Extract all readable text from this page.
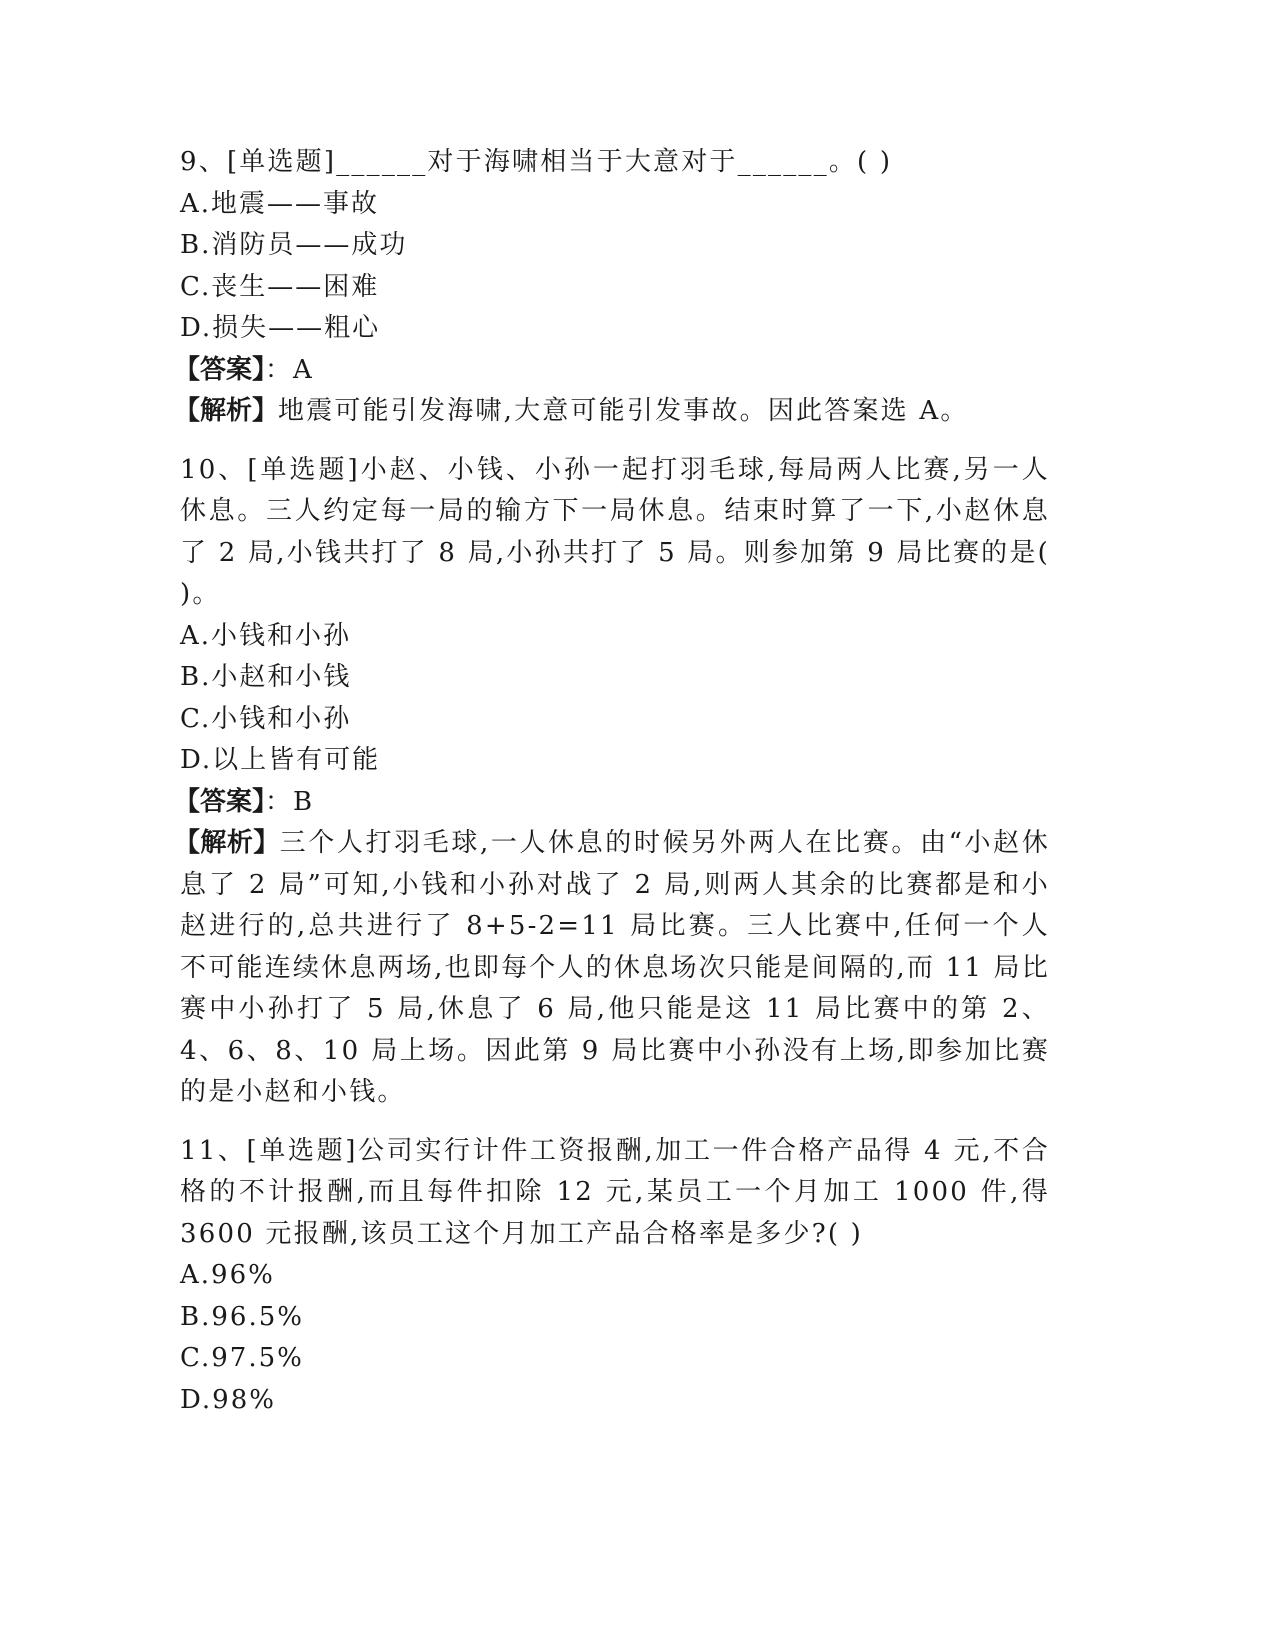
9、[单选题]______对于海啸相当于大意对于______。( )
A.地震——事故
B.消防员——成功
C.丧生——困难
D.损失——粗心
【答案】：A
【解析】地震可能引发海啸,大意可能引发事故。因此答案选 A。
10、[单选题]小赵、小钱、小孙一起打羽毛球,每局两人比赛,另一人休息。三人约定每一局的输方下一局休息。结束时算了一下,小赵休息了 2 局,小钱共打了 8 局,小孙共打了 5 局。则参加第 9 局比赛的是( )。
A.小钱和小孙
B.小赵和小钱
C.小钱和小孙
D.以上皆有可能
【答案】：B
【解析】三个人打羽毛球,一人休息的时候另外两人在比赛。由“小赵休息了 2 局”可知,小钱和小孙对战了 2 局,则两人其余的比赛都是和小赵进行的,总共进行了 8+5-2=11 局比赛。三人比赛中,任何一个人不可能连续休息两场,也即每个人的休息场次只能是间隔的,而 11 局比赛中小孙打了 5 局,休息了 6 局,他只能是这 11 局比赛中的第 2、4、6、8、10 局上场。因此第 9 局比赛中小孙没有上场,即参加比赛的是小赵和小钱。
11、[单选题]公司实行计件工资报酬,加工一件合格产品得 4 元,不合格的不计报酬,而且每件扣除 12 元,某员工一个月加工 1000 件,得 3600 元报酬,该员工这个月加工产品合格率是多少?( )
A.96%
B.96.5%
C.97.5%
D.98%
